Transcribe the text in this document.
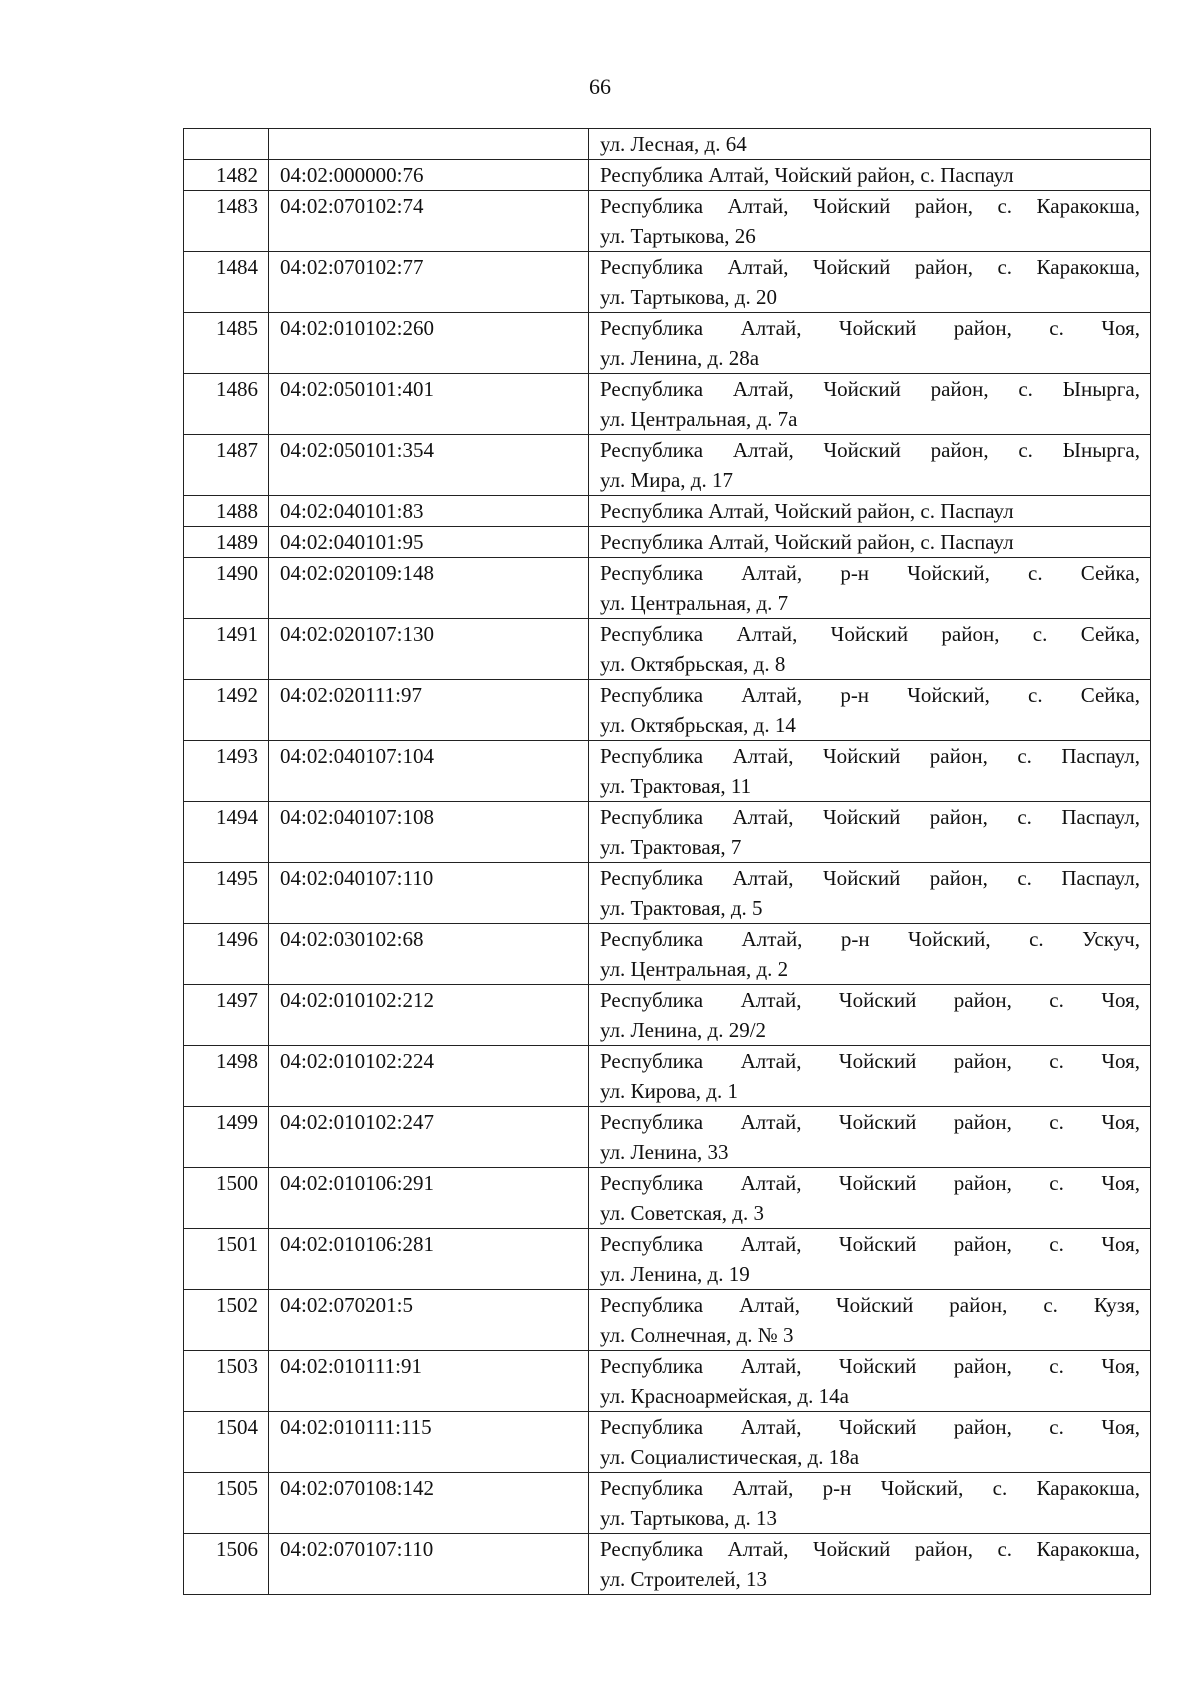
66

		ул. Лесная, д. 64

1482	04:02:000000:76	Республика Алтай, Чойский район, с. Паспаул

1483	04:02:070102:74	Республика Алтай, Чойский район, с. Каракокша,
ул. Тартыкова, 26

1484	04:02:070102:77	Республика Алтай, Чойский район, с. Каракокша,
ул. Тартыкова, д. 20

1485	04:02:010102:260	Республика Алтай, Чойский район, с. Чоя,
ул. Ленина, д. 28а

1486	04:02:050101:401	Республика Алтай, Чойский район, с. Ынырга,
ул. Центральная, д. 7а

1487	04:02:050101:354	Республика Алтай, Чойский район, с. Ынырга,
ул. Мира, д. 17

1488	04:02:040101:83	Республика Алтай, Чойский район, с. Паспаул

1489	04:02:040101:95	Республика Алтай, Чойский район, с. Паспаул

1490	04:02:020109:148	Республика Алтай, р-н Чойский, с. Сейка,
ул. Центральная, д. 7

1491	04:02:020107:130	Республика Алтай, Чойский район, с. Сейка,
ул. Октябрьская, д. 8

1492	04:02:020111:97	Республика Алтай, р-н Чойский, с. Сейка,
ул. Октябрьская, д. 14

1493	04:02:040107:104	Республика Алтай, Чойский район, с. Паспаул,
ул. Трактовая, 11

1494	04:02:040107:108	Республика Алтай, Чойский район, с. Паспаул,
ул. Трактовая, 7

1495	04:02:040107:110	Республика Алтай, Чойский район, с. Паспаул,
ул. Трактовая, д. 5

1496	04:02:030102:68	Республика Алтай, р-н Чойский, с. Ускуч,
ул. Центральная, д. 2

1497	04:02:010102:212	Республика Алтай, Чойский район, с. Чоя,
ул. Ленина, д. 29/2

1498	04:02:010102:224	Республика Алтай, Чойский район, с. Чоя,
ул. Кирова, д. 1

1499	04:02:010102:247	Республика Алтай, Чойский район, с. Чоя,
ул. Ленина, 33

1500	04:02:010106:291	Республика Алтай, Чойский район, с. Чоя,
ул. Советская, д. 3

1501	04:02:010106:281	Республика Алтай, Чойский район, с. Чоя,
ул. Ленина, д. 19

1502	04:02:070201:5	Республика Алтай, Чойский район, с. Кузя,
ул. Солнечная, д. № 3

1503	04:02:010111:91	Республика Алтай, Чойский район, с. Чоя,
ул. Красноармейская, д. 14а

1504	04:02:010111:115	Республика Алтай, Чойский район, с. Чоя,
ул. Социалистическая, д. 18а

1505	04:02:070108:142	Республика Алтай, р-н Чойский, с. Каракокша,
ул. Тартыкова, д. 13

1506	04:02:070107:110	Республика Алтай, Чойский район, с. Каракокша,
ул. Строителей, 13
